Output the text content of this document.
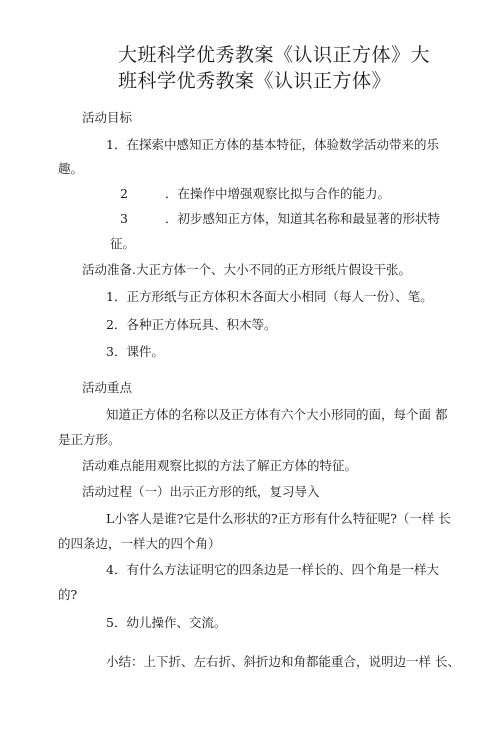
大班科学优秀教案《认识正方体》大班科学优秀教案《认识正方体》
活动目标
1．在探索中感知正方体的基本特征，体验数学活动带来的乐
趣。
2	．在操作中增强观察比拟与合作的能力。
3	．初步感知正方体，知道其名称和最显著的形状特
征。
活动准备.大正方体一个、大小不同的正方形纸片假设干张。
1．正方形纸与正方体积木各面大小相同（每人一份）、笔。
2．各种正方体玩具、积木等。
3．课件。
活动重点
知道正方体的名称以及正方体有六个大小形同的面，每个面 都
是正方形。
活动难点能用观察比拟的方法了解正方体的特征。
活动过程（一）出示正方形的纸，复习导入
L小客人是谁?它是什么形状的?正方形有什么特征呢?（一样 长
的四条边，一样大的四个角）
4．有什么方法证明它的四条边是一样长的、四个角是一样大
的?
5．幼儿操作、交流。
小结：上下折、左右折、斜折边和角都能重合，说明边一样 长、
